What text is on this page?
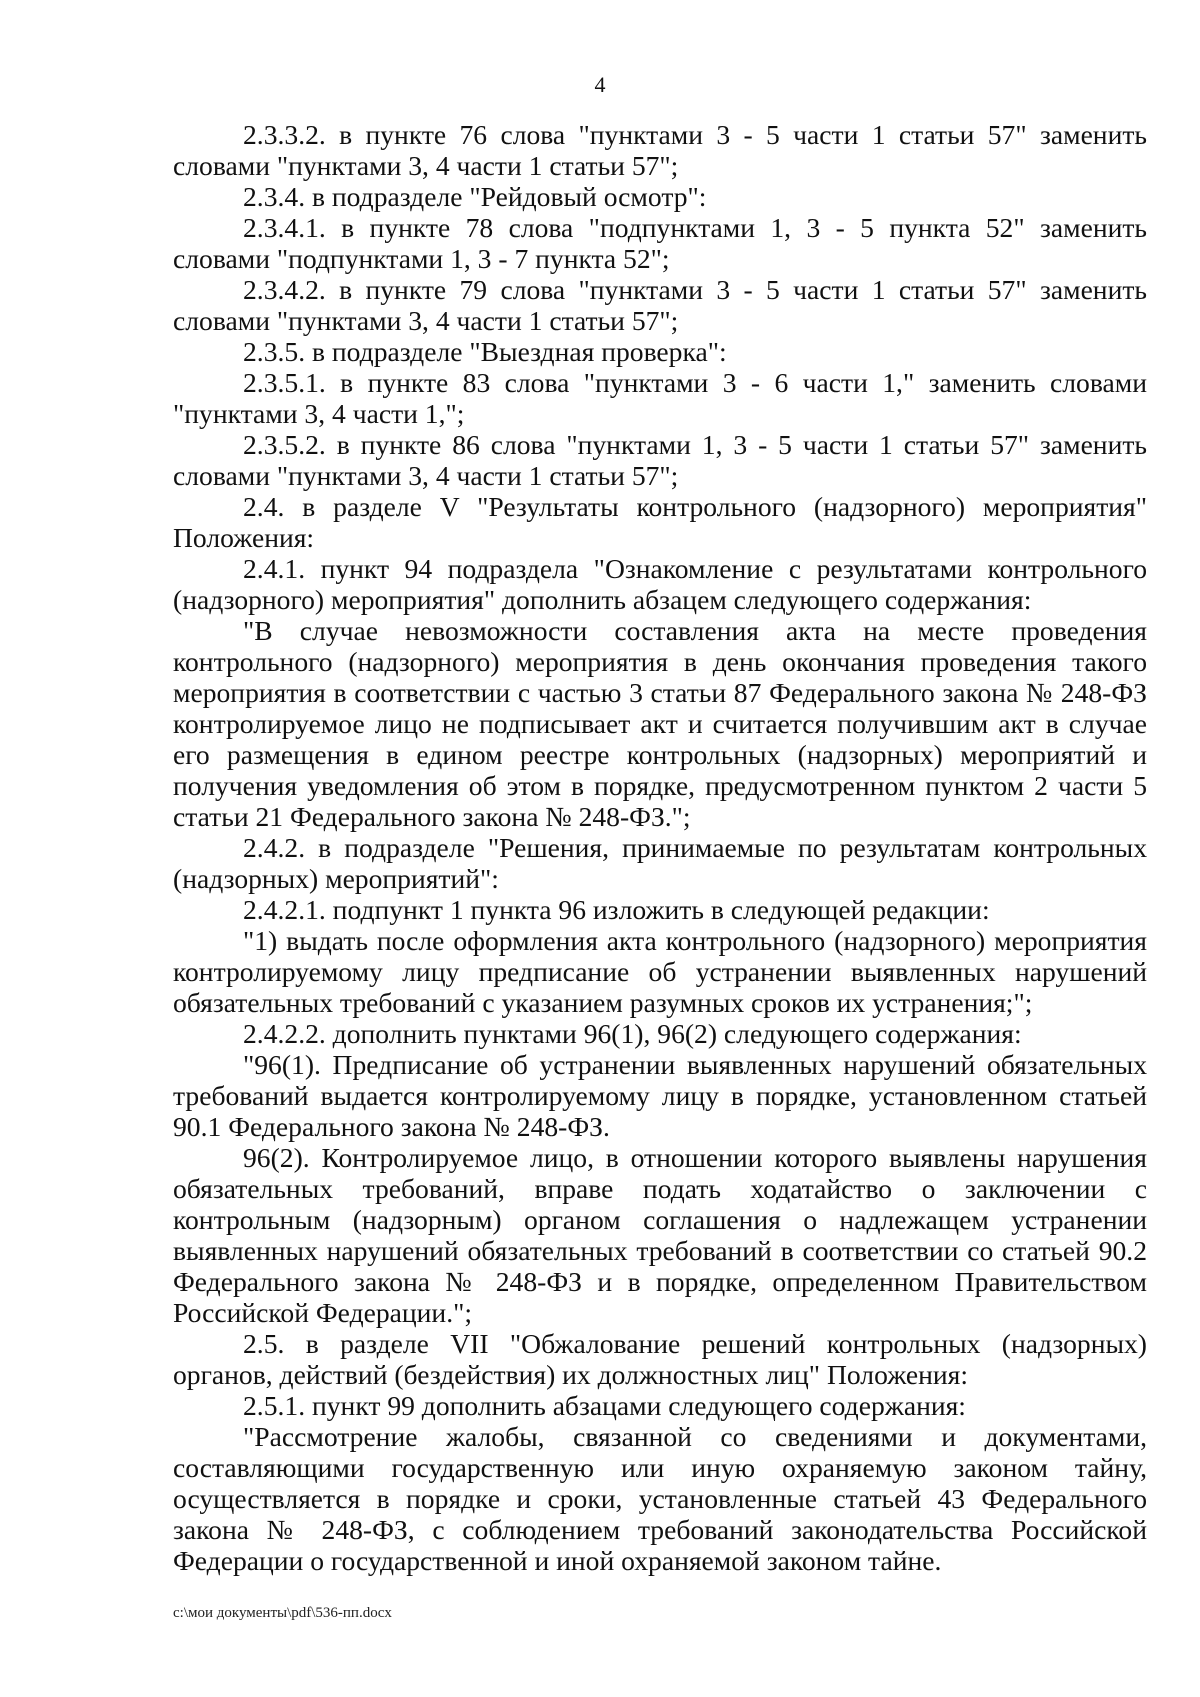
4

2.3.3.2. в пункте 76 слова "пунктами 3 - 5 части 1 статьи 57" заменить словами "пунктами 3, 4 части 1 статьи 57";

2.3.4. в подразделе "Рейдовый осмотр":

2.3.4.1. в пункте 78 слова "подпунктами 1, 3 - 5 пункта 52" заменить словами "подпунктами 1, 3 - 7 пункта 52";

2.3.4.2. в пункте 79 слова "пунктами 3 - 5 части 1 статьи 57" заменить словами "пунктами 3, 4 части 1 статьи 57";

2.3.5. в подразделе "Выездная проверка":

2.3.5.1. в пункте 83 слова "пунктами 3 - 6 части 1," заменить словами "пунктами 3, 4 части 1,";

2.3.5.2. в пункте 86 слова "пунктами 1, 3 - 5 части 1 статьи 57" заменить словами "пунктами 3, 4 части 1 статьи 57";

2.4. в разделе V "Результаты контрольного (надзорного) мероприятия" Положения:

2.4.1. пункт 94 подраздела "Ознакомление с результатами контрольного (надзорного) мероприятия" дополнить абзацем следующего содержания:

"В случае невозможности составления акта на месте проведения контрольного (надзорного) мероприятия в день окончания проведения такого мероприятия в соответствии с частью 3 статьи 87 Федерального закона № 248-ФЗ контролируемое лицо не подписывает акт и считается получившим акт в случае его размещения в едином реестре контрольных (надзорных) мероприятий и получения уведомления об этом в порядке, предусмотренном пунктом 2 части 5 статьи 21 Федерального закона № 248-ФЗ.";

2.4.2. в подразделе "Решения, принимаемые по результатам контрольных (надзорных) мероприятий":

2.4.2.1. подпункт 1 пункта 96 изложить в следующей редакции:

"1) выдать после оформления акта контрольного (надзорного) мероприятия контролируемому лицу предписание об устранении выявленных нарушений обязательных требований с указанием разумных сроков их устранения;";

2.4.2.2. дополнить пунктами 96(1), 96(2) следующего содержания:

"96(1). Предписание об устранении выявленных нарушений обязательных требований выдается контролируемому лицу в порядке, установленном статьей 90.1 Федерального закона № 248-ФЗ.

96(2). Контролируемое лицо, в отношении которого выявлены нарушения обязательных требований, вправе подать ходатайство о заключении с контрольным (надзорным) органом соглашения о надлежащем устранении выявленных нарушений обязательных требований в соответствии со статьей 90.2 Федерального закона № 248-ФЗ и в порядке, определенном Правительством Российской Федерации.";

2.5. в разделе VII "Обжалование решений контрольных (надзорных) органов, действий (бездействия) их должностных лиц" Положения:

2.5.1. пункт 99 дополнить абзацами следующего содержания:

"Рассмотрение жалобы, связанной со сведениями и документами, составляющими государственную или иную охраняемую законом тайну, осуществляется в порядке и сроки, установленные статьей 43 Федерального закона № 248-ФЗ, с соблюдением требований законодательства Российской Федерации о государственной и иной охраняемой законом тайне.

c:\мои документы\pdf\536-пп.docx
